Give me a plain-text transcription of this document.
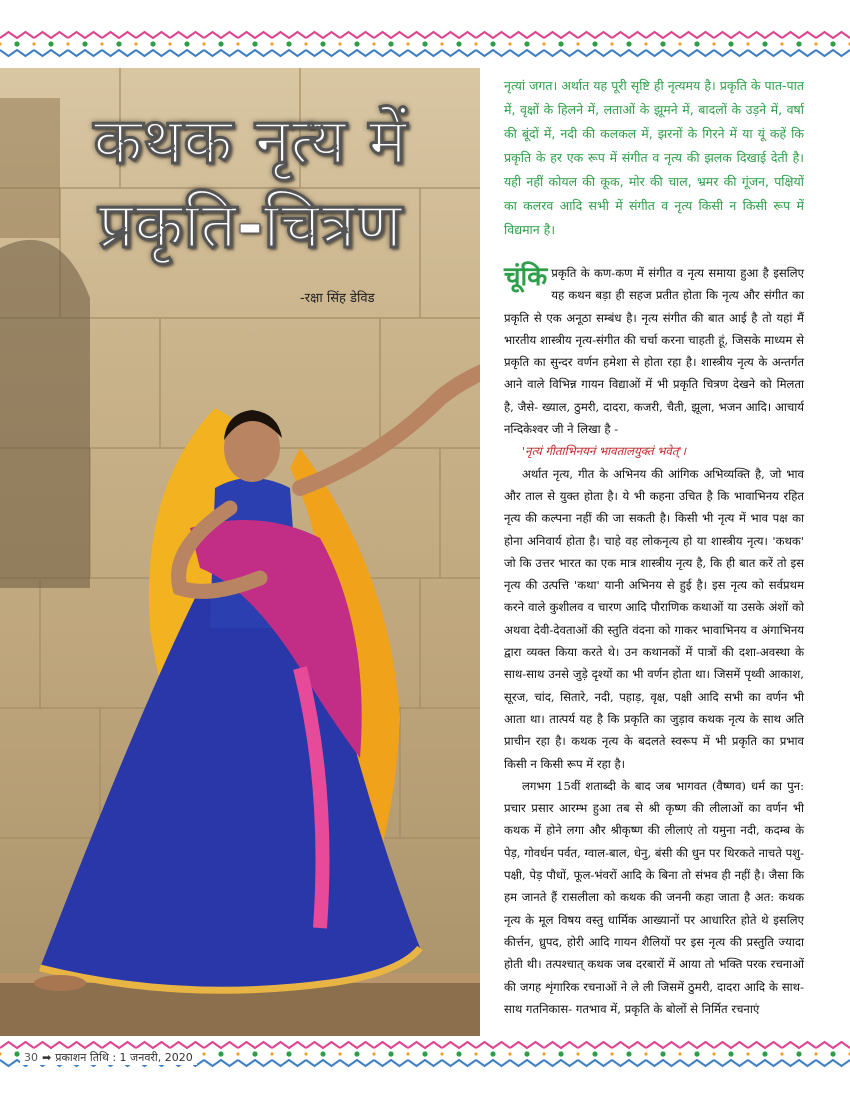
कथक नृत्य में
प्रकृति-चित्रण
-रक्षा सिंह डेविड

नृत्यां जगत। अर्थात यह पूरी सृष्टि ही नृत्यमय है। प्रकृति के पात-पात में, वृक्षों के हिलने में, लताओं के झूमने में, बादलों के उड़ने में, वर्षा की बूंदों में, नदी की कलकल में, झरनों के गिरने में या यूं कहें कि प्रकृति के हर एक रूप में संगीत व नृत्य की झलक दिखाई देती है। यही नहीं कोयल की कूक, मोर की चाल, भ्रमर की गूंजन, पक्षियों का कलरव आदि सभी में संगीत व नृत्य किसी न किसी रूप में विद्यमान है।

चूंकि प्रकृति के कण-कण में संगीत व नृत्य समाया हुआ है इसलिए यह कथन बड़ा ही सहज प्रतीत होता कि नृत्य और संगीत का प्रकृति से एक अनूठा सम्बंध है। नृत्य संगीत की बात आई है तो यहां मैं भारतीय शास्त्रीय नृत्य-संगीत की चर्चा करना चाहती हूं, जिसके माध्यम से प्रकृति का सुन्दर वर्णन हमेशा से होता रहा है। शास्त्रीय नृत्य के अन्तर्गत आने वाले विभिन्न गायन विद्याओं में भी प्रकृति चित्रण देखने को मिलता है, जैसे- ख्याल, ठुमरी, दादरा, कजरी, चैती, झूला, भजन आदि। आचार्य नन्दिकेश्वर जी ने लिखा है -

'नृत्यं गीताभिनयनं भावतालयुक्तं भवेत्'।

अर्थात नृत्य, गीत के अभिनय की आंगिक अभिव्यक्ति है, जो भाव और ताल से युक्त होता है। ये भी कहना उचित है कि भावाभिनय रहित नृत्य की कल्पना नहीं की जा सकती है। किसी भी नृत्य में भाव पक्ष का होना अनिवार्य होता है। चाहे वह लोकनृत्य हो या शास्त्रीय नृत्य। 'कथक' जो कि उत्तर भारत का एक मात्र शास्त्रीय नृत्य है, कि ही बात करें तो इस नृत्य की उत्पत्ति 'कथा' यानी अभिनय से हुई है। इस नृत्य को सर्वप्रथम करने वाले कुशीलव व चारण आदि पौराणिक कथाओं या उसके अंशों को अथवा देवी-देवताओं की स्तुति वंदना को गाकर भावाभिनय व अंगाभिनय द्वारा व्यक्त किया करते थे। उन कथानकों में पात्रों की दशा-अवस्था के साथ-साथ उनसे जुड़े दृश्यों का भी वर्णन होता था। जिसमें पृथ्वी आकाश, सूरज, चांद, सितारे, नदी, पहाड़, वृक्ष, पक्षी आदि सभी का वर्णन भी आता था। तात्पर्य यह है कि प्रकृति का जुड़ाव कथक नृत्य के साथ अति प्राचीन रहा है। कथक नृत्य के बदलते स्वरूप में भी प्रकृति का प्रभाव किसी न किसी रूप में रहा है।

लगभग 15वीं शताब्दी के बाद जब भागवत (वैष्णव) धर्म का पुन: प्रचार प्रसार आरम्भ हुआ तब से श्री कृष्ण की लीलाओं का वर्णन भी कथक में होने लगा और श्रीकृष्ण की लीलाएं तो यमुना नदी, कदम्ब के पेड़, गोवर्धन पर्वत, ग्वाल-बाल, धेनु, बंसी की धुन पर थिरकते नाचते पशु-पक्षी, पेड़ पौधों, फूल-भंवरों आदि के बिना तो संभव ही नहीं है। जैसा कि हम जानते हैं रासलीला को कथक की जननी कहा जाता है अत: कथक नृत्य के मूल विषय वस्तु धार्मिक आख्यानों पर आधारित होते थे इसलिए कीर्त्तन, ध्रुपद, होरी आदि गायन शैलियों पर इस नृत्य की प्रस्तुति ज्यादा होती थी। तत्पश्चात् कथक जब दरबारों में आया तो भक्ति परक रचनाओं की जगह शृंगारिक रचनाओं ने ले ली जिसमें ठुमरी, दादरा आदि के साथ-साथ गतनिकास- गतभाव में, प्रकृति के बोलों से निर्मित रचनाएं

30 ➡ प्रकाशन तिथि : 1 जनवरी, 2020
